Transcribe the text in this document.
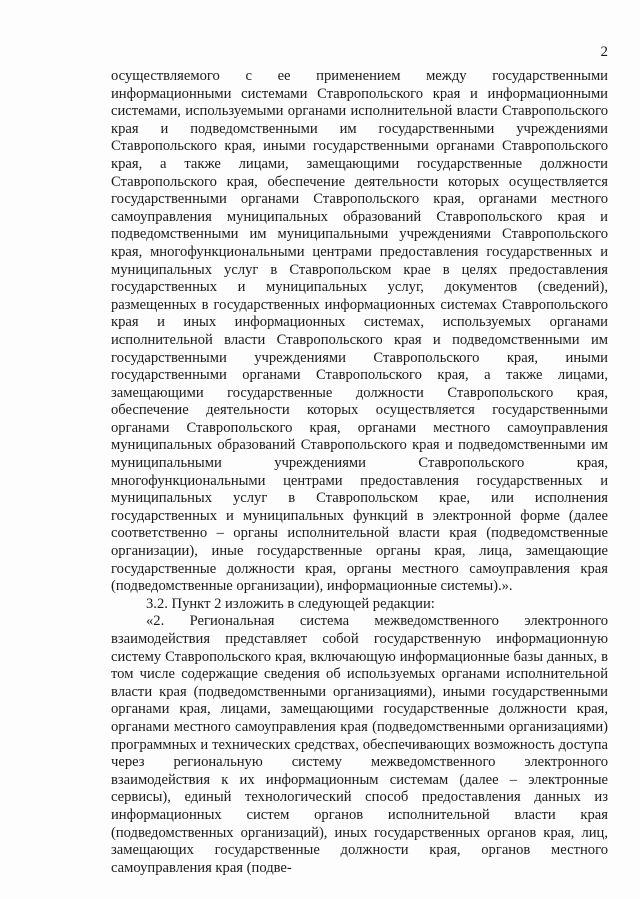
2

осуществляемого с ее применением между государственными информационными системами Ставропольского края и информационными системами, используемыми органами исполнительной власти Ставропольского края и подведомственными им государственными учреждениями Ставропольского края, иными государственными органами Ставропольского края, а также лицами, замещающими государственные должности Ставропольского края, обеспечение деятельности которых осуществляется государственными органами Ставропольского края, органами местного самоуправления муниципальных образований Ставропольского края и подведомственными им муниципальными учреждениями Ставропольского края, многофункциональными центрами предоставления государственных и муниципальных услуг в Ставропольском крае в целях предоставления государственных и муниципальных услуг, документов (сведений), размещенных в государственных информационных системах Ставропольского края и иных информационных системах, используемых органами исполнительной власти Ставропольского края и подведомственными им государственными учреждениями Ставропольского края, иными государственными органами Ставропольского края, а также лицами, замещающими государственные должности Ставропольского края, обеспечение деятельности которых осуществляется государственными органами Ставропольского края, органами местного самоуправления муниципальных образований Ставропольского края и подведомственными им муниципальными учреждениями Ставропольского края, многофункциональными центрами предоставления государственных и муниципальных услуг в Ставропольском крае, или исполнения государственных и муниципальных функций в электронной форме (далее соответственно – органы исполнительной власти края (подведомственные организации), иные государственные органы края, лица, замещающие государственные должности края, органы местного самоуправления края (подведомственные организации), информационные системы).».

3.2. Пункт 2 изложить в следующей редакции:

«2. Региональная система межведомственного электронного взаимодействия представляет собой государственную информационную систему Ставропольского края, включающую информационные базы данных, в том числе содержащие сведения об используемых органами исполнительной власти края (подведомственными организациями), иными государственными органами края, лицами, замещающими государственные должности края, органами местного самоуправления края (подведомственными организациями) программных и технических средствах, обеспечивающих возможность доступа через региональную систему межведомственного электронного взаимодействия к их информационным системам (далее – электронные сервисы), единый технологический способ предоставления данных из информационных систем органов исполнительной власти края (подведомственных организаций), иных государственных органов края, лиц, замещающих государственные должности края, органов местного самоуправления края (подве-
